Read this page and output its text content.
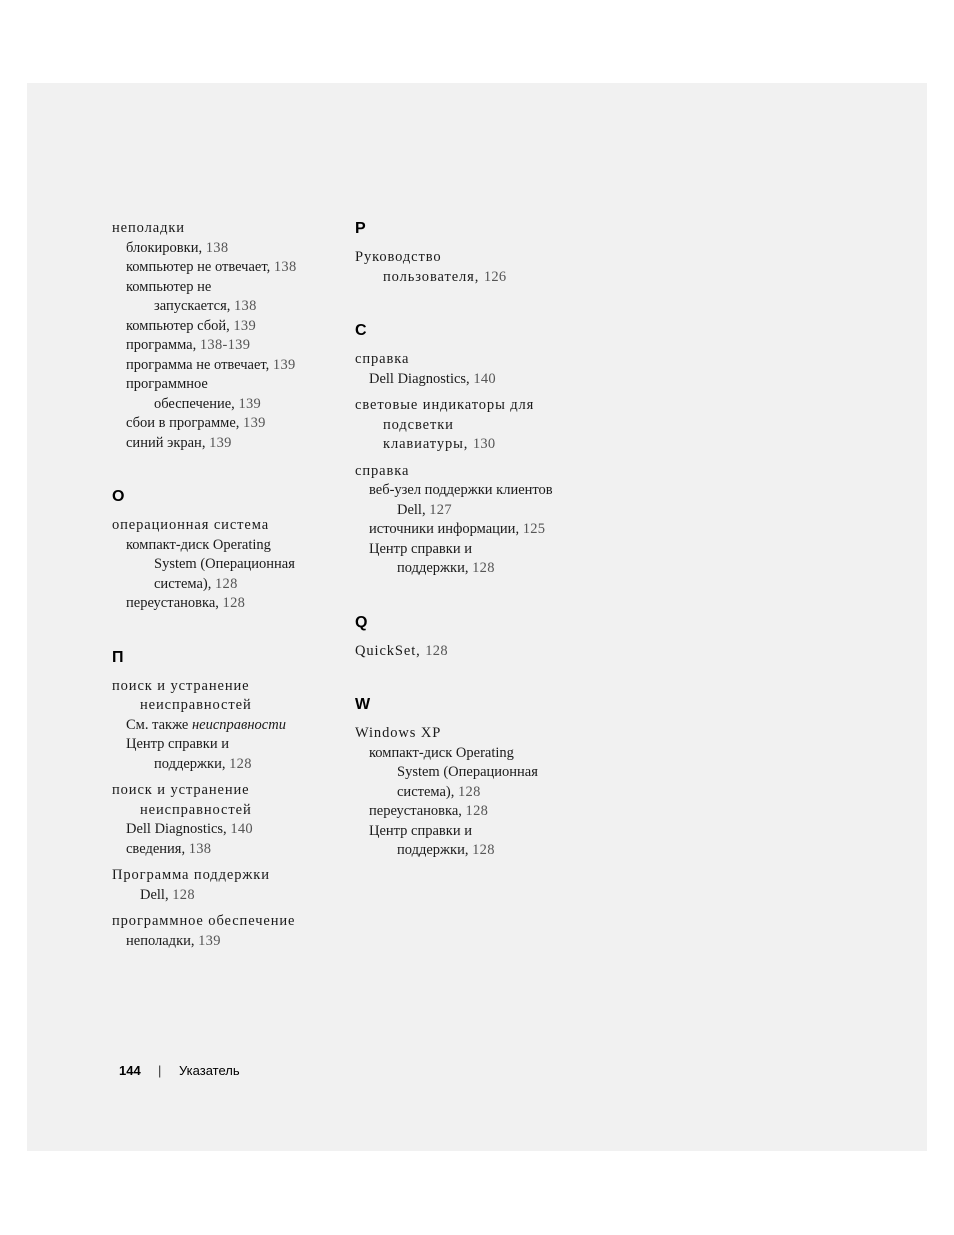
неполадки
блокировки, 138
компьютер не отвечает, 138
компьютер не
запускается, 138
компьютер сбой, 139
программа, 138-139
программа не отвечает, 139
программное
обеспечение, 139
сбои в программе, 139
синий экран, 139
О
операционная система
компакт-диск Operating
System (Операционная
система), 128
переустановка, 128
П
поиск и устранение
неисправностей
См. также неисправности
Центр справки и
поддержки, 128
поиск и устранение
неисправностей
Dell Diagnostics, 140
сведения, 138
Программа поддержки
Dell, 128
программное обеспечение
неполадки, 139
Р
Руководство
пользователя, 126
С
справка
Dell Diagnostics, 140
световые индикаторы для
подсветки
клавиатуры, 130
справка
веб-узел поддержки клиентов
Dell, 127
источники информации, 125
Центр справки и
поддержки, 128
Q
QuickSet, 128
W
Windows XP
компакт-диск Operating
System (Операционная
система), 128
переустановка, 128
Центр справки и
поддержки, 128
144 | Указатель
